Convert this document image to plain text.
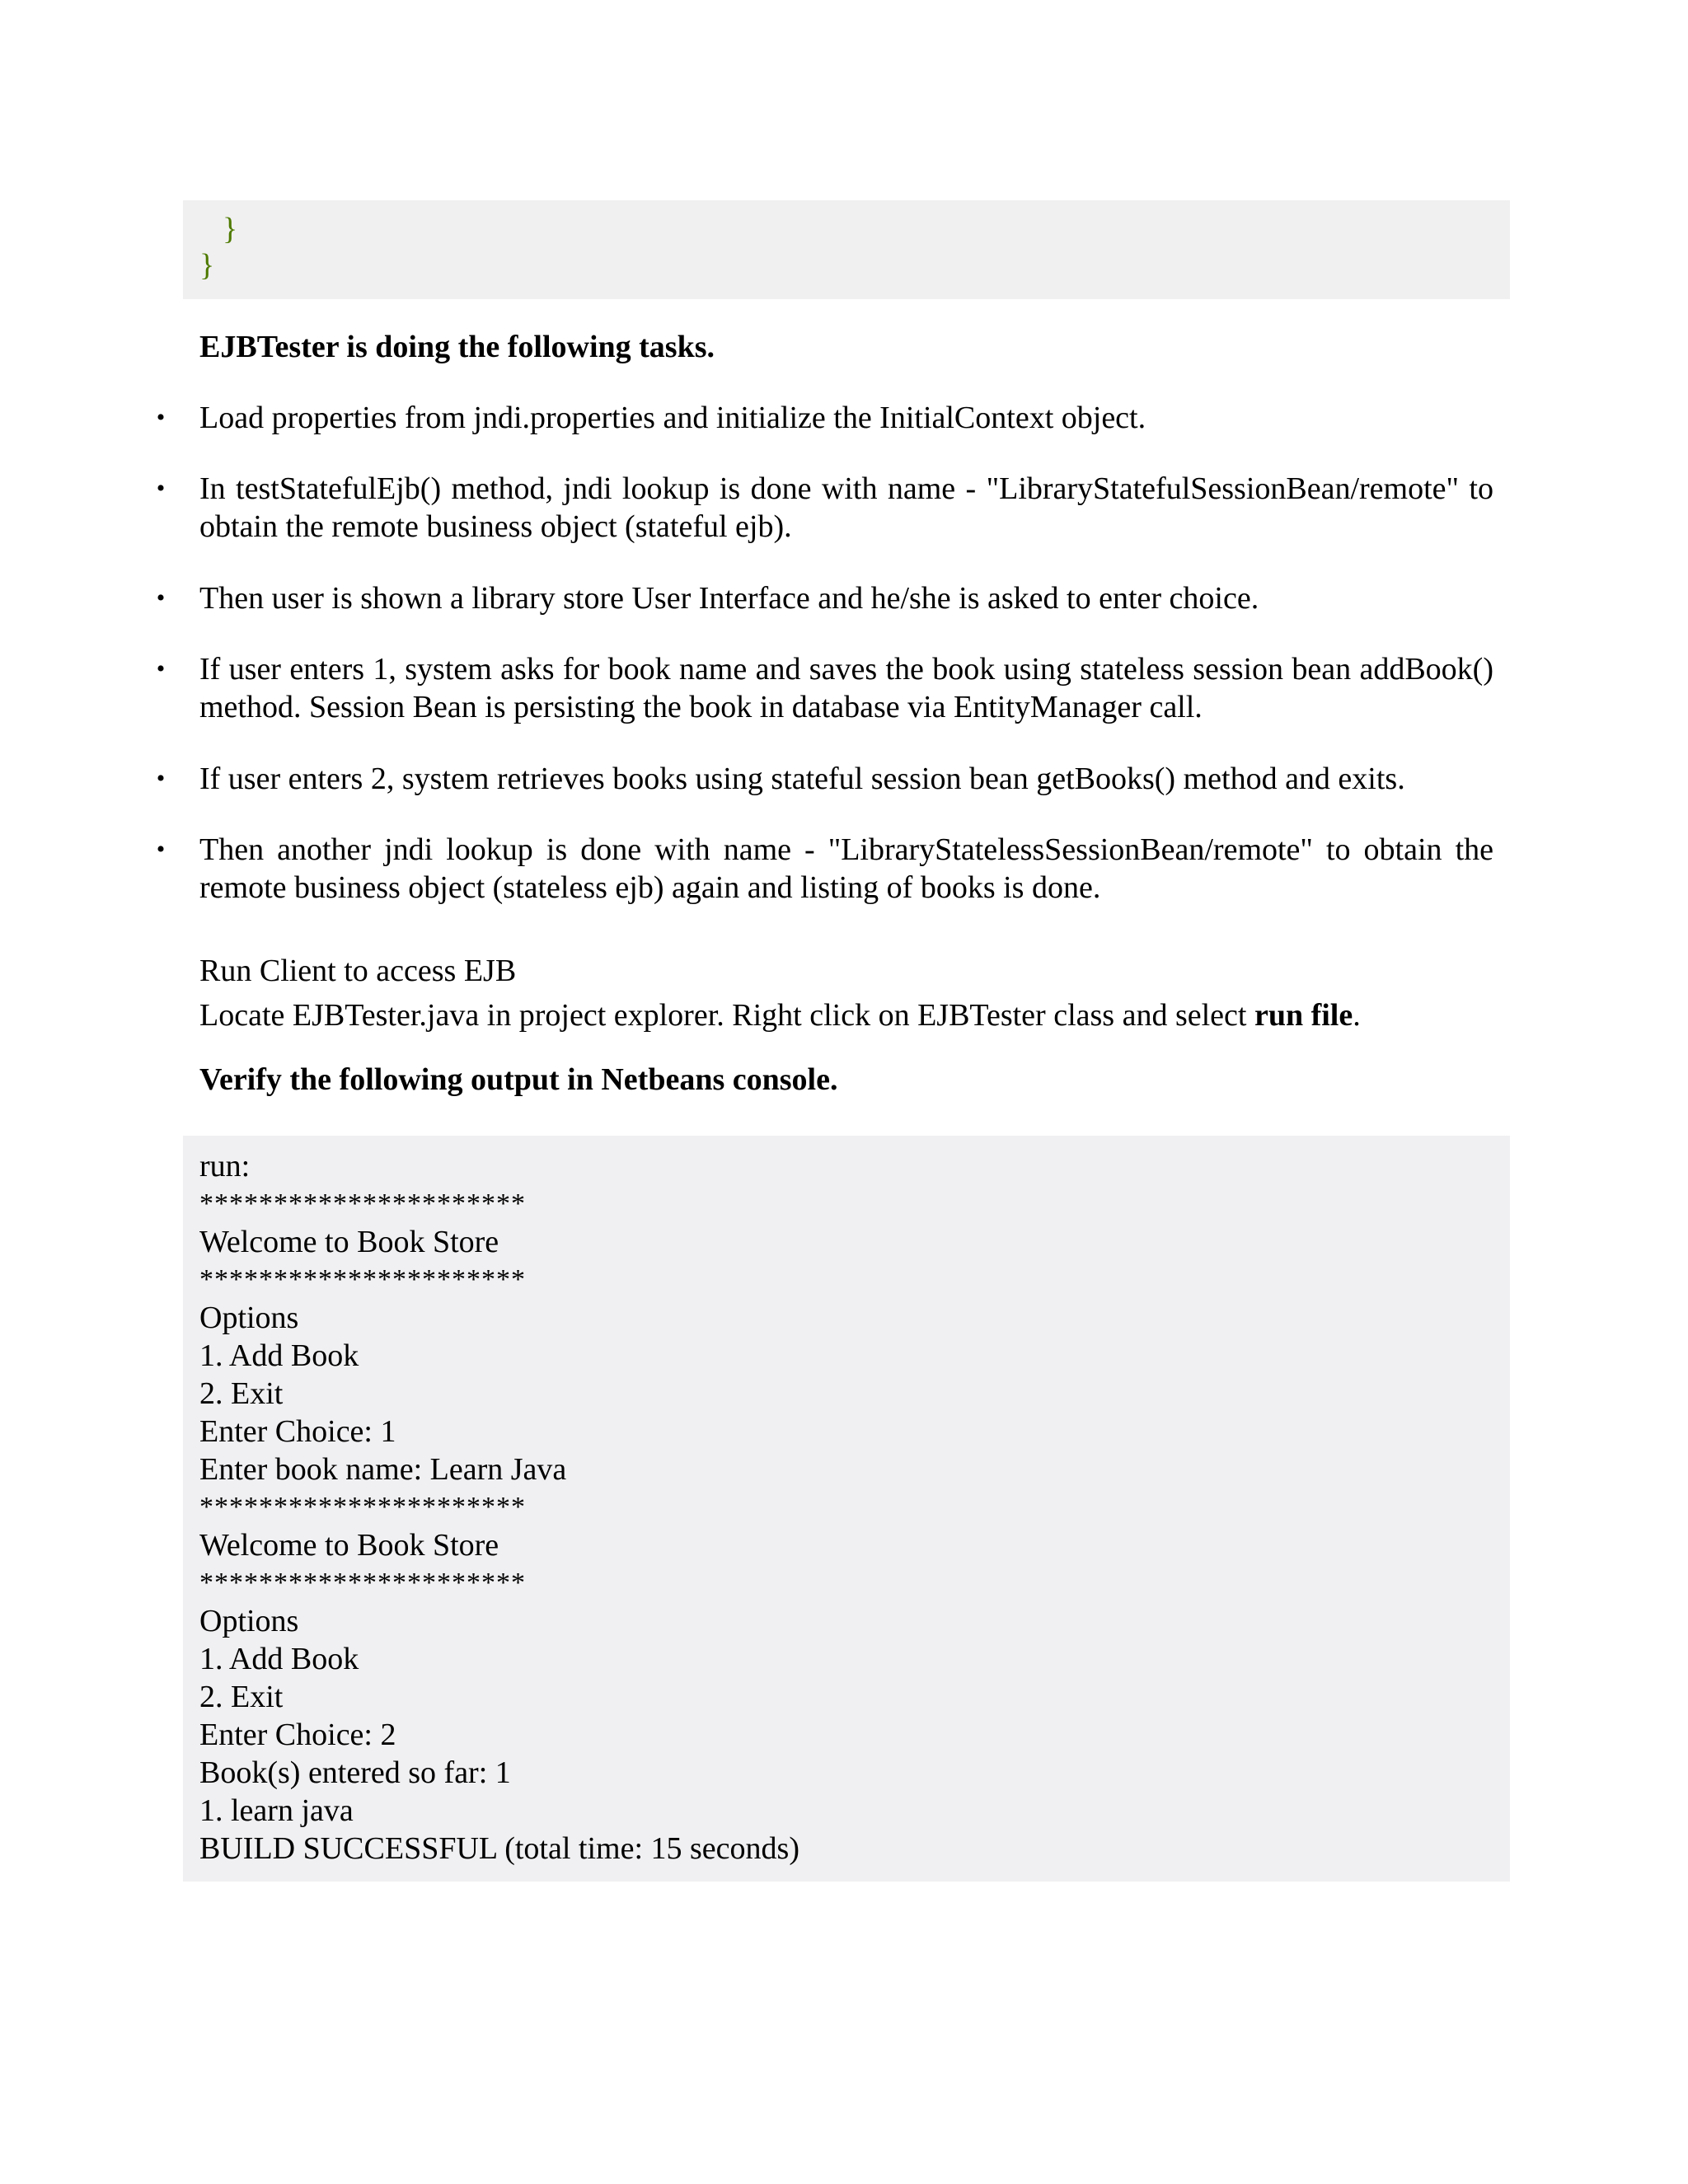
}
}

EJBTester is doing the following tasks.

• Load properties from jndi.properties and initialize the InitialContext object.
• In testStatefulEjb() method, jndi lookup is done with name - "LibraryStatefulSessionBean/remote" to obtain the remote business object (stateful ejb).
• Then user is shown a library store User Interface and he/she is asked to enter choice.
• If user enters 1, system asks for book name and saves the book using stateless session bean addBook() method. Session Bean is persisting the book in database via EntityManager call.
• If user enters 2, system retrieves books using stateful session bean getBooks() method and exits.
• Then another jndi lookup is done with name - "LibraryStatelessSessionBean/remote" to obtain the remote business object (stateless ejb) again and listing of books is done.

Run Client to access EJB

Locate EJBTester.java in project explorer. Right click on EJBTester class and select run file.

Verify the following output in Netbeans console.

run:
**********************
Welcome to Book Store
**********************
Options
1. Add Book
2. Exit
Enter Choice: 1
Enter book name: Learn Java
**********************
Welcome to Book Store
**********************
Options
1. Add Book
2. Exit
Enter Choice: 2
Book(s) entered so far: 1
1. learn java
BUILD SUCCESSFUL (total time: 15 seconds)
